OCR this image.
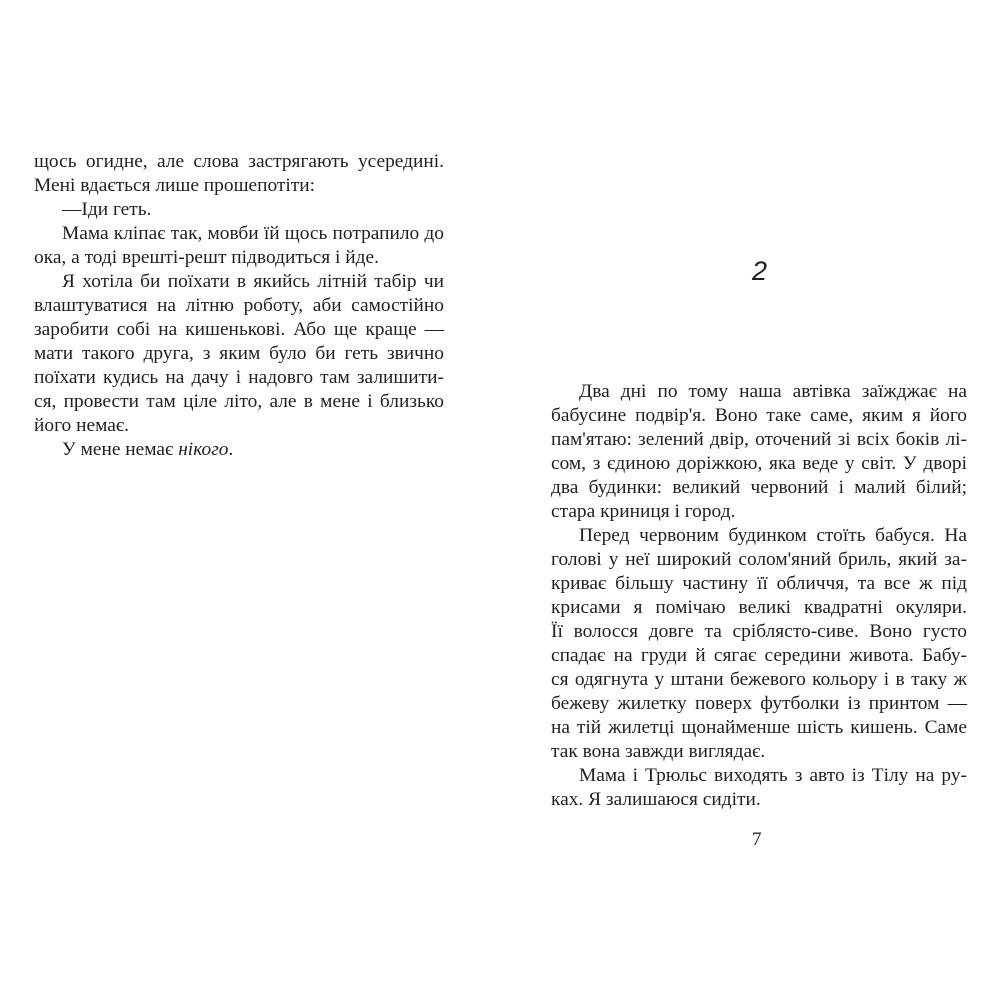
щось огидне, але слова застрягають усередині.
Мені вдається лише прошепотіти:
—Іди геть.
Мама кліпає так, мовби їй щось потрапило до
ока, а тоді врешті-решт підводиться і йде.
Я хотіла би поїхати в якийсь літній табір чи
влаштуватися на літню роботу, аби самостійно
заробити собі на кишенькові. Або ще краще —
мати такого друга, з яким було би геть звично
поїхати кудись на дачу і надовго там залишити-
ся, провести там ціле літо, але в мене і близько
його немає.
У мене немає нікого.
2
Два дні по тому наша автівка заїжджає на
бабусине подвір'я. Воно таке саме, яким я його
пам'ятаю: зелений двір, оточений зі всіх боків лі-
сом, з єдиною доріжкою, яка веде у світ. У дворі
два будинки: великий червоний і малий білий;
стара криниця і город.
Перед червоним будинком стоїть бабуся. На
голові у неї широкий солом'яний бриль, який за-
криває більшу частину її обличчя, та все ж під
крисами я помічаю великі квадратні окуляри.
Її волосся довге та сріблясто-сиве. Воно густо
спадає на груди й сягає середини живота. Бабу-
ся одягнута у штани бежевого кольору і в таку ж
бежеву жилетку поверх футболки із принтом —
на тій жилетці щонайменше шість кишень. Саме
так вона завжди виглядає.
Мама і Трюльс виходять з авто із Тілу на ру-
ках. Я залишаюся сидіти.
7
